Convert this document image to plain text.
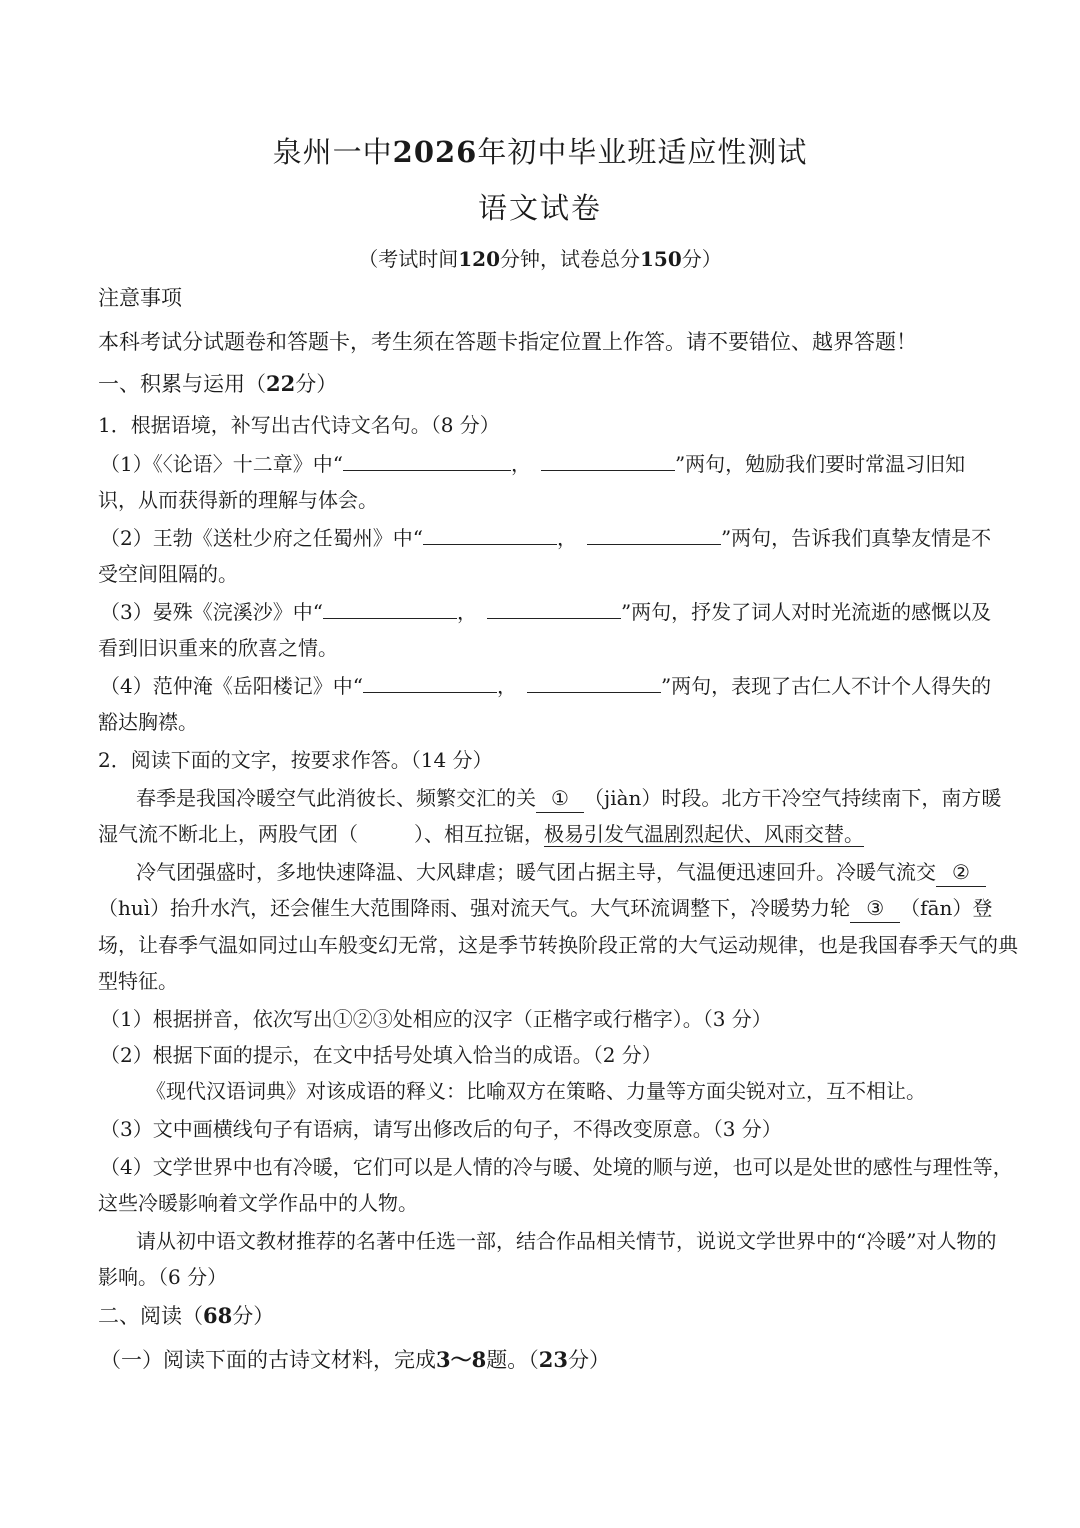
泉州一中2026年初中毕业班适应性测试
语文试卷
（考试时间120分钟，试卷总分150分）
注意事项
本科考试分试题卷和答题卡，考生须在答题卡指定位置上作答。请不要错位、越界答题！
一、积累与运用（22分）
1．根据语境，补写出古代诗文名句。（8 分）
（1）《〈论语〉十二章》中“	，	”两句，勉励我们要时常温习旧知
识，从而获得新的理解与体会。
（2）王勃《送杜少府之任蜀州》中“	，	”两句，告诉我们真挚友情是不
受空间阻隔的。
（3）晏殊《浣溪沙》中“	，	”两句，抒发了词人对时光流逝的感慨以及
看到旧识重来的欣喜之情。
（4）范仲淹《岳阳楼记》中“	，	”两句，表现了古仁人不计个人得失的
豁达胸襟。
2．阅读下面的文字，按要求作答。（14 分）
春季是我国冷暖空气此消彼长、频繁交汇的关 ① （jiàn）时段。北方干冷空气持续南下，南方暖
湿气流不断北上，两股气团（	）、相互拉锯，极易引发气温剧烈起伏、风雨交替。
冷气团强盛时，多地快速降温、大风肆虐；暖气团占据主导，气温便迅速回升。冷暖气流交 ②
（huì）抬升水汽，还会催生大范围降雨、强对流天气。大气环流调整下，冷暖势力轮 ③ （fān）登
场，让春季气温如同过山车般变幻无常，这是季节转换阶段正常的大气运动规律，也是我国春季天气的典
型特征。
（1）根据拼音，依次写出①②③处相应的汉字（正楷字或行楷字）。（3 分）
（2）根据下面的提示，在文中括号处填入恰当的成语。（2 分）
《现代汉语词典》对该成语的释义：比喻双方在策略、力量等方面尖锐对立，互不相让。
（3）文中画横线句子有语病，请写出修改后的句子，不得改变原意。（3 分）
（4）文学世界中也有冷暖，它们可以是人情的冷与暖、处境的顺与逆，也可以是处世的感性与理性等，
这些冷暖影响着文学作品中的人物。
请从初中语文教材推荐的名著中任选一部，结合作品相关情节，说说文学世界中的“冷暖”对人物的
影响。（6 分）
二、阅读（68分）
（一）阅读下面的古诗文材料，完成3～8题。（23分）
